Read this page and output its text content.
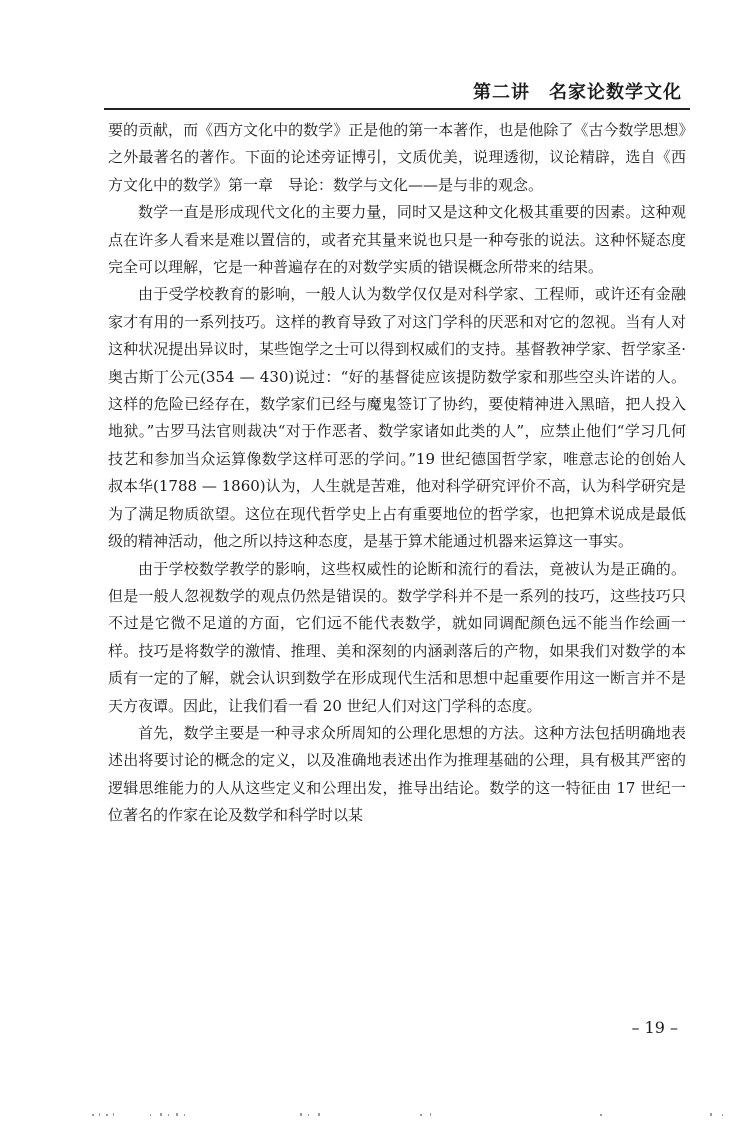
第二讲　名家论数学文化

要的贡献，而《西方文化中的数学》正是他的第一本著作，也是他除了《古今数学思想》之外最著名的著作。下面的论述旁证博引，文质优美，说理透彻，议论精辟，选自《西方文化中的数学》第一章　导论：数学与文化——是与非的观念。

数学一直是形成现代文化的主要力量，同时又是这种文化极其重要的因素。这种观点在许多人看来是难以置信的，或者充其量来说也只是一种夸张的说法。这种怀疑态度完全可以理解，它是一种普遍存在的对数学实质的错误概念所带来的结果。

由于受学校教育的影响，一般人认为数学仅仅是对科学家、工程师，或许还有金融家才有用的一系列技巧。这样的教育导致了对这门学科的厌恶和对它的忽视。当有人对这种状况提出异议时，某些饱学之士可以得到权威们的支持。基督教神学家、哲学家圣·奥古斯丁公元(354 — 430)说过：“好的基督徒应该提防数学家和那些空头许诺的人。这样的危险已经存在，数学家们已经与魔鬼签订了协约，要使精神进入黑暗，把人投入地狱。”古罗马法官则裁决“对于作恶者、数学家诸如此类的人”，应禁止他们“学习几何技艺和参加当众运算像数学这样可恶的学问。”19 世纪德国哲学家，唯意志论的创始人叔本华(1788 — 1860)认为，人生就是苦难，他对科学研究评价不高，认为科学研究是为了满足物质欲望。这位在现代哲学史上占有重要地位的哲学家，也把算术说成是最低级的精神活动，他之所以持这种态度，是基于算术能通过机器来运算这一事实。

由于学校数学教学的影响，这些权威性的论断和流行的看法，竟被认为是正确的。但是一般人忽视数学的观点仍然是错误的。数学学科并不是一系列的技巧，这些技巧只不过是它微不足道的方面，它们远不能代表数学，就如同调配颜色远不能当作绘画一样。技巧是将数学的激情、推理、美和深刻的内涵剥落后的产物，如果我们对数学的本质有一定的了解，就会认识到数学在形成现代生活和思想中起重要作用这一断言并不是天方夜谭。因此，让我们看一看 20 世纪人们对这门学科的态度。

首先，数学主要是一种寻求众所周知的公理化思想的方法。这种方法包括明确地表述出将要讨论的概念的定义，以及准确地表述出作为推理基础的公理，具有极其严密的逻辑思维能力的人从这些定义和公理出发，推导出结论。数学的这一特征由 17 世纪一位著名的作家在论及数学和科学时以某

– 19 –
